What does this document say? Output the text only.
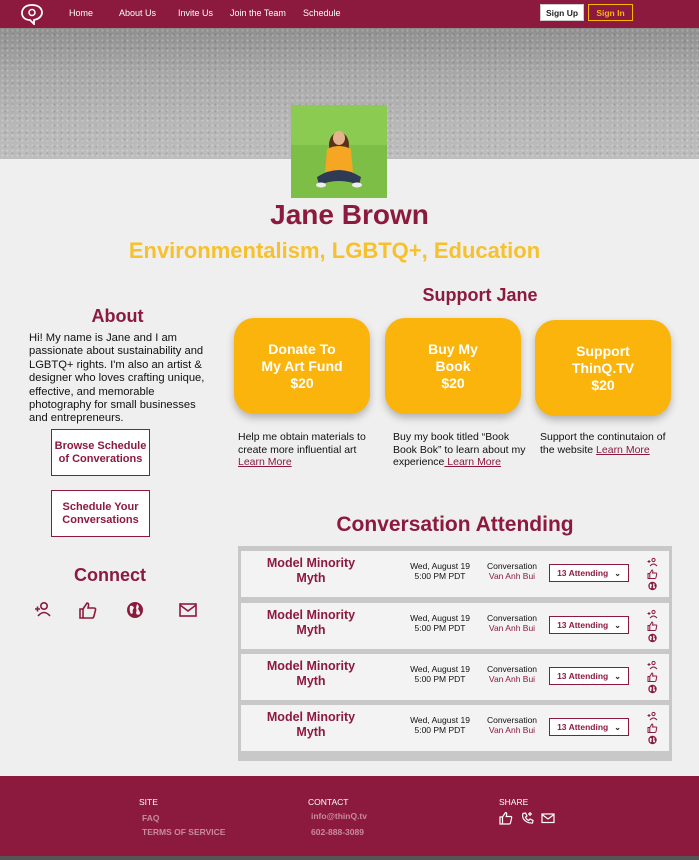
Home	About Us Invite Us Join the Team Schedule	Sign Up	Sign In
Jane Brown
Environmentalism, LGBTQ+, Education
About
Hi! My name is Jane and I am passionate about sustainability and LGBTQ+ rights. I'm also an artist & designer who loves crafting unique, effective, and memorable photography for small businesses and entrepreneurs.
Browse Schedule of Converations
Schedule Your Conversations
Connect
Support Jane
Donate To
My Art Fund
$20
Buy My
Book
$20
Support
ThinQ.TV
$20
Help me obtain materials to create more influential art Learn More
Buy my book titled “Book Book Bok” to learn about my experience Learn More
Support the continutaion of the website Learn More
Conversation Attending
Model Minority Myth
Wed, August 19
5:00 PM PDT
Conversation
Van Anh Bui	13 Attending ⌄
Model Minority Myth
Wed, August 19
5:00 PM PDT
Conversation
Van Anh Bui	13 Attending ⌄
Model Minority Myth
Wed, August 19
5:00 PM PDT
Conversation
Van Anh Bui	13 Attending ⌄
Model Minority Myth
Wed, August 19
5:00 PM PDT
Conversation
Van Anh Bui	13 Attending ⌄
SITE
FAQ
TERMS OF SERVICE
CONTACT
info@thinQ.tv
602-888-3089
SHARE
